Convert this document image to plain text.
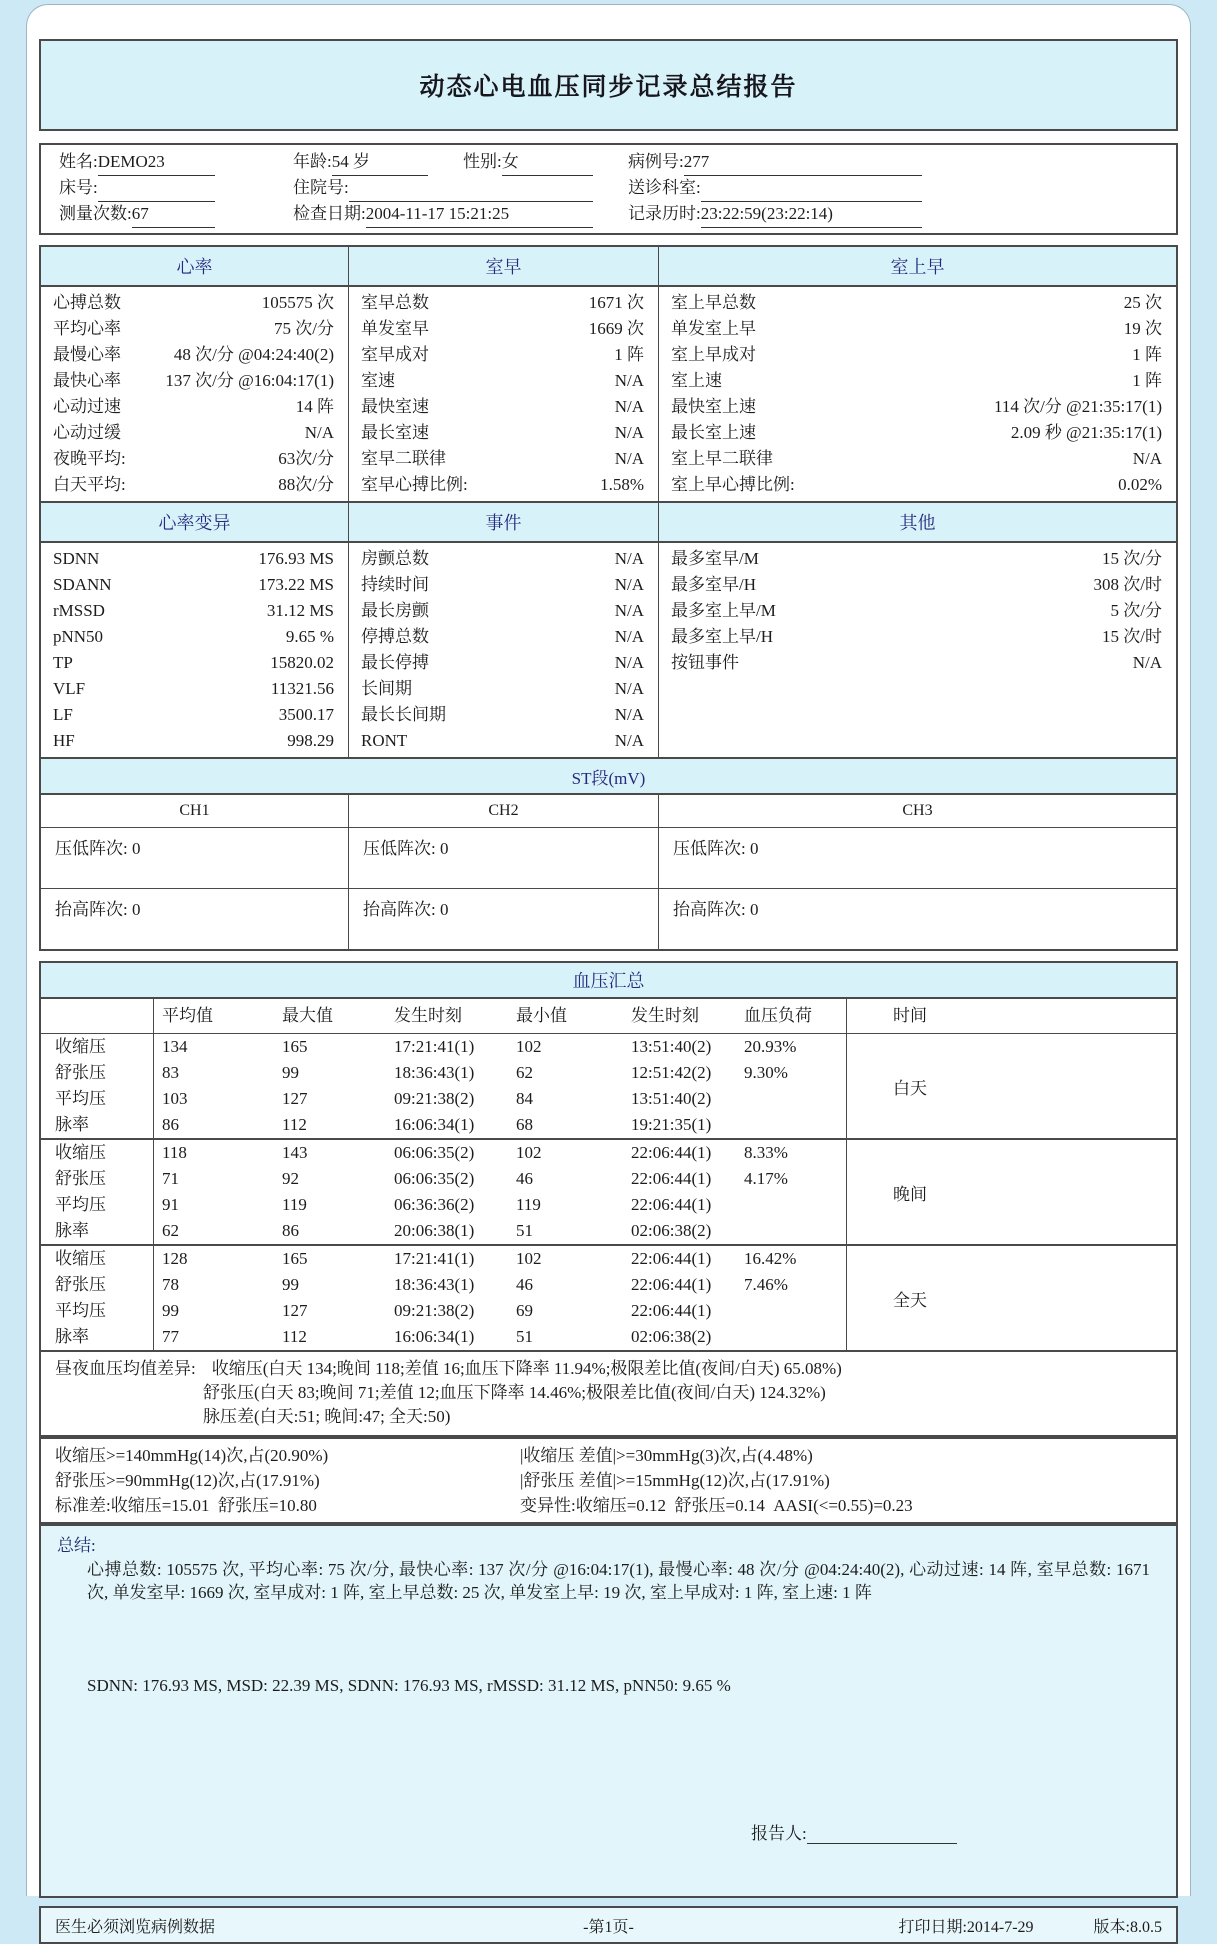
动态心电血压同步记录总结报告
姓名: DEMO23	年龄: 54 岁	性别: 女	病例号: 277
床号:	住院号:	送诊科室:
测量次数: 67	检查日期: 2004-11-17 15:21:25	记录历时: 23:22:59(23:22:14)
心率	室早	室上早
心搏总数	105575 次
平均心率	75 次/分
最慢心率	48 次/分 @04:24:40(2)
最快心率	137 次/分 @16:04:17(1)
心动过速	14 阵
心动过缓	N/A
夜晚平均:	63次/分
白天平均:	88次/分
室早总数	1671 次
单发室早	1669 次
室早成对	1 阵
室速	N/A
最快室速	N/A
最长室速	N/A
室早二联律	N/A
室早心搏比例:	1.58%
室上早总数	25 次
单发室上早	19 次
室上早成对	1 阵
室上速	1 阵
最快室上速	114 次/分 @21:35:17(1)
最长室上速	2.09 秒 @21:35:17(1)
室上早二联律	N/A
室上早心搏比例:	0.02%
心率变异	事件	其他
SDNN	176.93 MS
SDANN	173.22 MS
rMSSD	31.12 MS
pNN50	9.65 %
TP	15820.02
VLF	11321.56
LF	3500.17
HF	998.29
房颤总数	N/A
持续时间	N/A
最长房颤	N/A
停搏总数	N/A
最长停搏	N/A
长间期	N/A
最长长间期	N/A
RONT	N/A
最多室早/M	15 次/分
最多室早/H	308 次/时
最多室上早/M	5 次/分
最多室上早/H	15 次/时
按钮事件	N/A
ST段(mV)
CH1	CH2	CH3
压低阵次: 0	压低阵次: 0	压低阵次: 0
抬高阵次: 0	抬高阵次: 0	抬高阵次: 0
血压汇总
平均值	最大值	发生时刻	最小值	发生时刻	血压负荷	时间
白天
收缩压	134	165	17:21:41(1)	102	13:51:40(2)	20.93%
舒张压	83	99	18:36:43(1)	62	12:51:42(2)	9.30%
平均压	103	127	09:21:38(2)	84	13:51:40(2)
脉率	86	112	16:06:34(1)	68	19:21:35(1)
晚间
收缩压	118	143	06:06:35(2)	102	22:06:44(1)	8.33%
舒张压	71	92	06:06:35(2)	46	22:06:44(1)	4.17%
平均压	91	119	06:36:36(2)	119	22:06:44(1)
脉率	62	86	20:06:38(1)	51	02:06:38(2)
全天
收缩压	128	165	17:21:41(1)	102	22:06:44(1)	16.42%
舒张压	78	99	18:36:43(1)	46	22:06:44(1)	7.46%
平均压	99	127	09:21:38(2)	69	22:06:44(1)
脉率	77	112	16:06:34(1)	51	02:06:38(2)
昼夜血压均值差异: 收缩压(白天 134;晚间 118;差值 16;血压下降率 11.94%;极限差比值(夜间/白天) 65.08%)
舒张压(白天 83;晚间 71;差值 12;血压下降率 14.46%;极限差比值(夜间/白天) 124.32%)
脉压差(白天:51; 晚间:47; 全天:50)
收缩压>=140mmHg(14)次,占(20.90%)	|收缩压 差值|>=30mmHg(3)次,占(4.48%)
舒张压>=90mmHg(12)次,占(17.91%)	|舒张压 差值|>=15mmHg(12)次,占(17.91%)
标准差:收缩压=15.01  舒张压=10.80	变异性:收缩压=0.12  舒张压=0.14  AASI(<=0.55)=0.23
总结:

心搏总数: 105575 次, 平均心率: 75 次/分, 最快心率: 137 次/分 @16:04:17(1), 最慢心率: 48 次/分 @04:24:40(2), 心动过速: 14 阵, 室早总数: 1671 次, 单发室早: 1669 次, 室早成对: 1 阵, 室上早总数: 25 次, 单发室上早: 19 次, 室上早成对: 1 阵, 室上速: 1 阵

SDNN: 176.93 MS, MSD: 22.39 MS, SDNN: 176.93 MS, rMSSD: 31.12 MS, pNN50: 9.65 %
报告人:
医生必须浏览病例数据	-第1页-	打印日期:2014-7-29	版本:8.0.5
